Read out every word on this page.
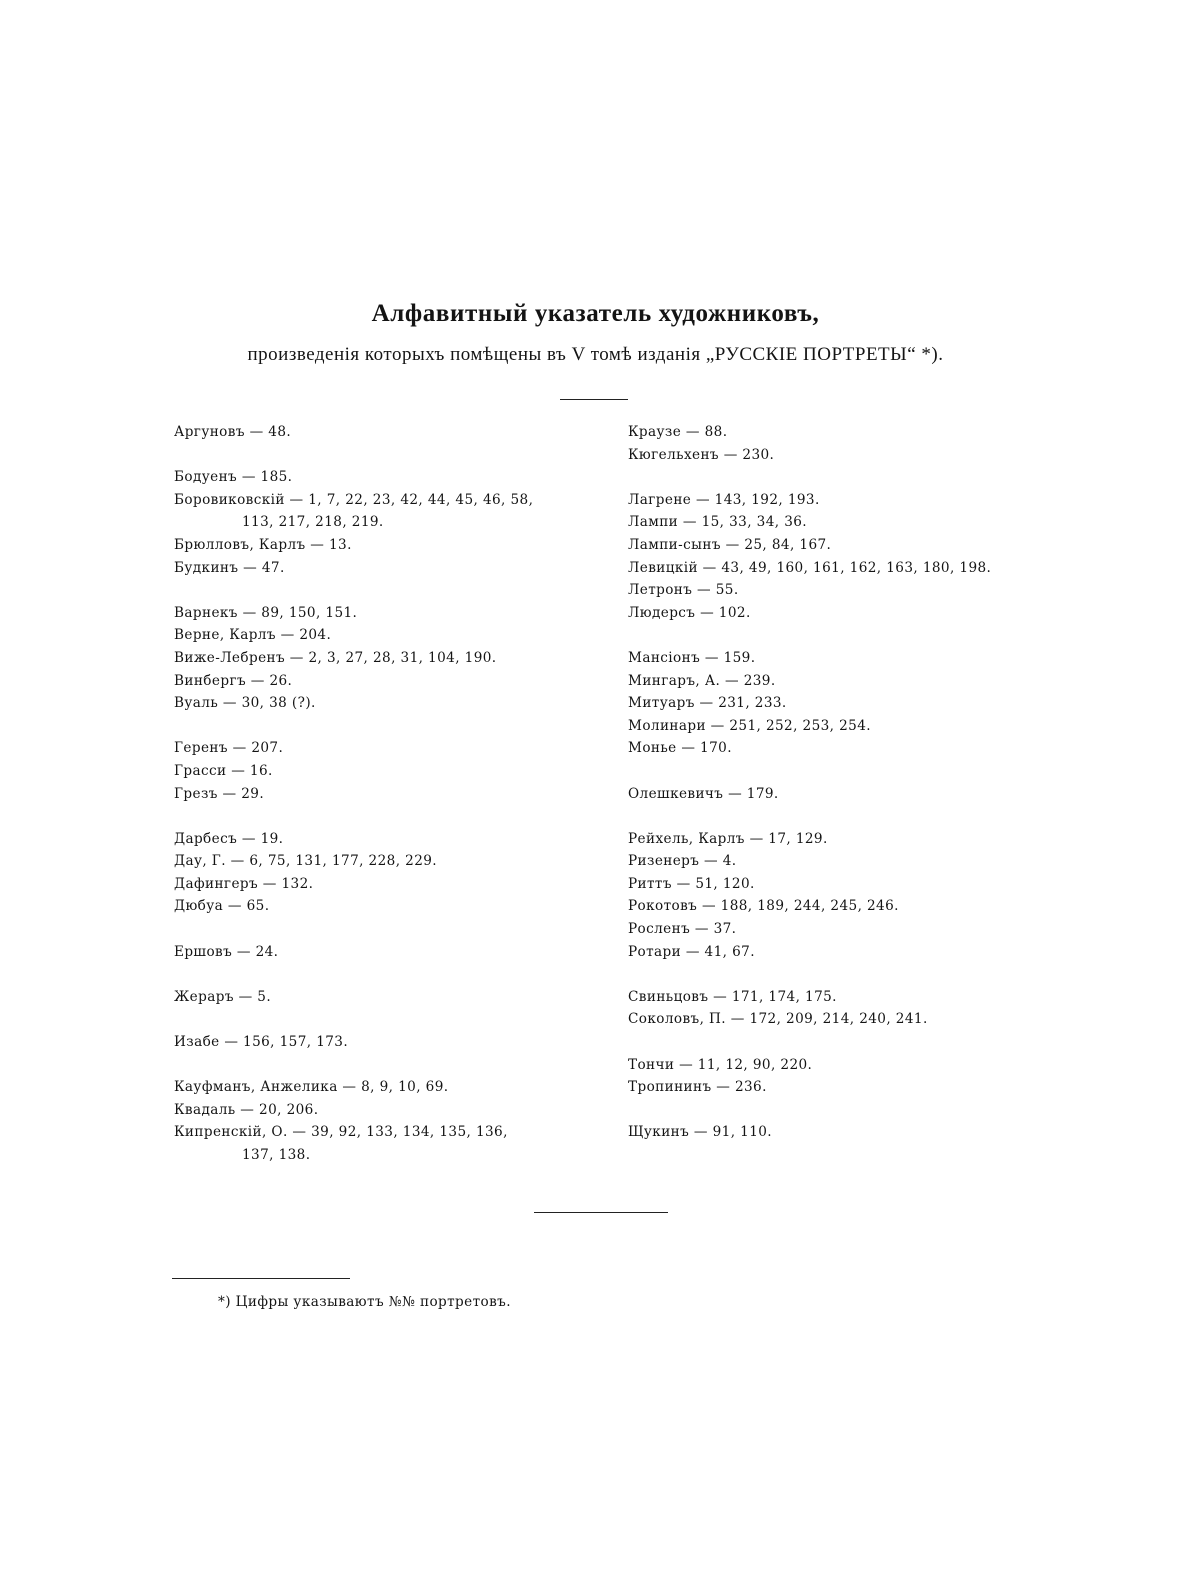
Алфавитный указатель художниковъ,
произведенія которыхъ помѣщены въ V томѣ изданія „РУССКІЕ ПОРТРЕТЫ“ *).
Аргуновъ — 48.
Бодуенъ — 185.
Боровиковскій — 1, 7, 22, 23, 42, 44, 45, 46, 58,
113, 217, 218, 219.
Брюлловъ, Карлъ — 13.
Будкинъ — 47.
Варнекъ — 89, 150, 151.
Верне, Карлъ — 204.
Виже-Лебренъ — 2, 3, 27, 28, 31, 104, 190.
Винбергъ — 26.
Вуаль — 30, 38 (?).
Геренъ — 207.
Грасси — 16.
Грезъ — 29.
Дарбесъ — 19.
Дау, Г. — 6, 75, 131, 177, 228, 229.
Дафингеръ — 132.
Дюбуа — 65.
Ершовъ — 24.
Жераръ — 5.
Изабе — 156, 157, 173.
Кауфманъ, Анжелика — 8, 9, 10, 69.
Квадаль — 20, 206.
Кипренскій, О. — 39, 92, 133, 134, 135, 136,
137, 138.
Краузе — 88.
Кюгельхенъ — 230.
Лагрене — 143, 192, 193.
Лампи — 15, 33, 34, 36.
Лампи-сынъ — 25, 84, 167.
Левицкій — 43, 49, 160, 161, 162, 163, 180, 198.
Летронъ — 55.
Людерсъ — 102.
Мансіонъ — 159.
Мингаръ, А. — 239.
Митуаръ — 231, 233.
Молинари — 251, 252, 253, 254.
Монье — 170.
Олешкевичъ — 179.
Рейхель, Карлъ — 17, 129.
Ризенеръ — 4.
Риттъ — 51, 120.
Рокотовъ — 188, 189, 244, 245, 246.
Росленъ — 37.
Ротари — 41, 67.
Свиньцовъ — 171, 174, 175.
Соколовъ, П. — 172, 209, 214, 240, 241.
Тончи — 11, 12, 90, 220.
Тропининъ — 236.
Щукинъ — 91, 110.
*) Цифры указываютъ №№ портретовъ.
